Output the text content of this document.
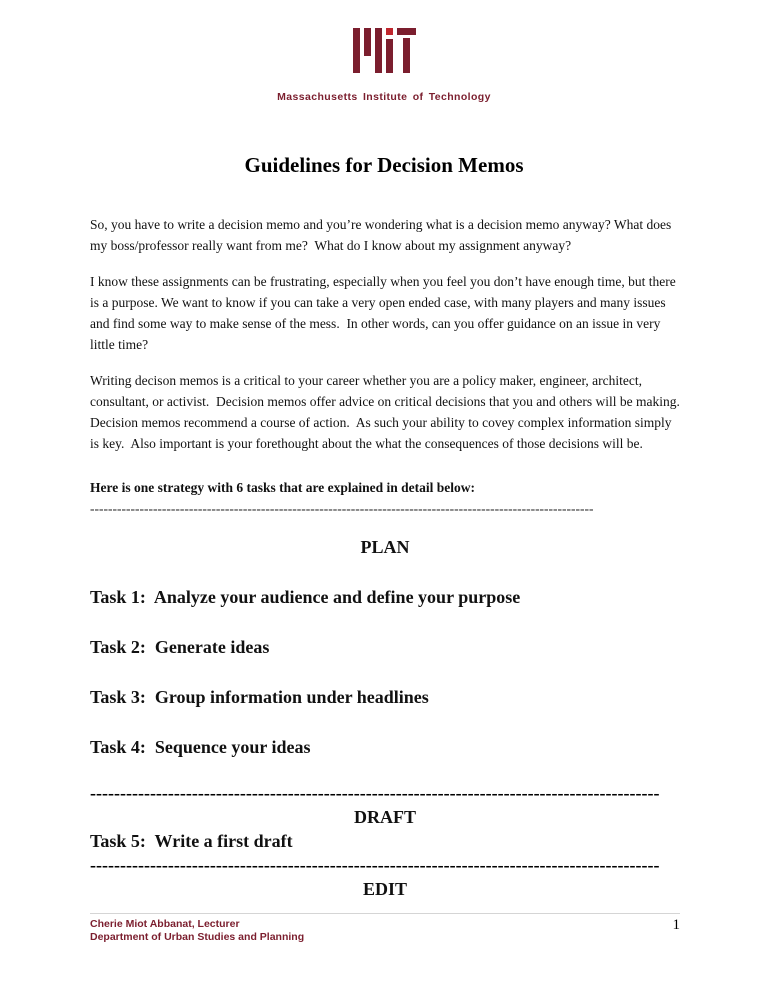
Massachusetts Institute of Technology
Guidelines for Decision Memos

So, you have to write a decision memo and you’re wondering what is a decision memo anyway? What does my boss/professor really want from me?  What do I know about my assignment anyway?

I know these assignments can be frustrating, especially when you feel you don’t have enough time, but there is a purpose. We want to know if you can take a very open ended case, with many players and many issues and find some way to make sense of the mess.  In other words, can you offer guidance on an issue in very little time?

Writing decison memos is a critical to your career whether you are a policy maker, engineer, architect, consultant, or activist.  Decision memos offer advice on critical decisions that you and others will be making.  Decision memos recommend a course of action.  As such your ability to covey complex information simply is key.  Also important is your forethought about the what the consequences of those decisions will be.

Here is one strategy with 6 tasks that are explained in detail below:

----------------------------------------------------------------------------------------------------------------
PLAN

Task 1:  Analyze your audience and define your purpose

Task 2:  Generate ideas

Task 3:  Group information under headlines

Task 4:  Sequence your ideas

-----------------------------------------------------------------------------------------------
DRAFT

Task 5:  Write a first draft

-----------------------------------------------------------------------------------------------
EDIT
Cherie Miot Abbanat, Lecturer
Department of Urban Studies and Planning
1
